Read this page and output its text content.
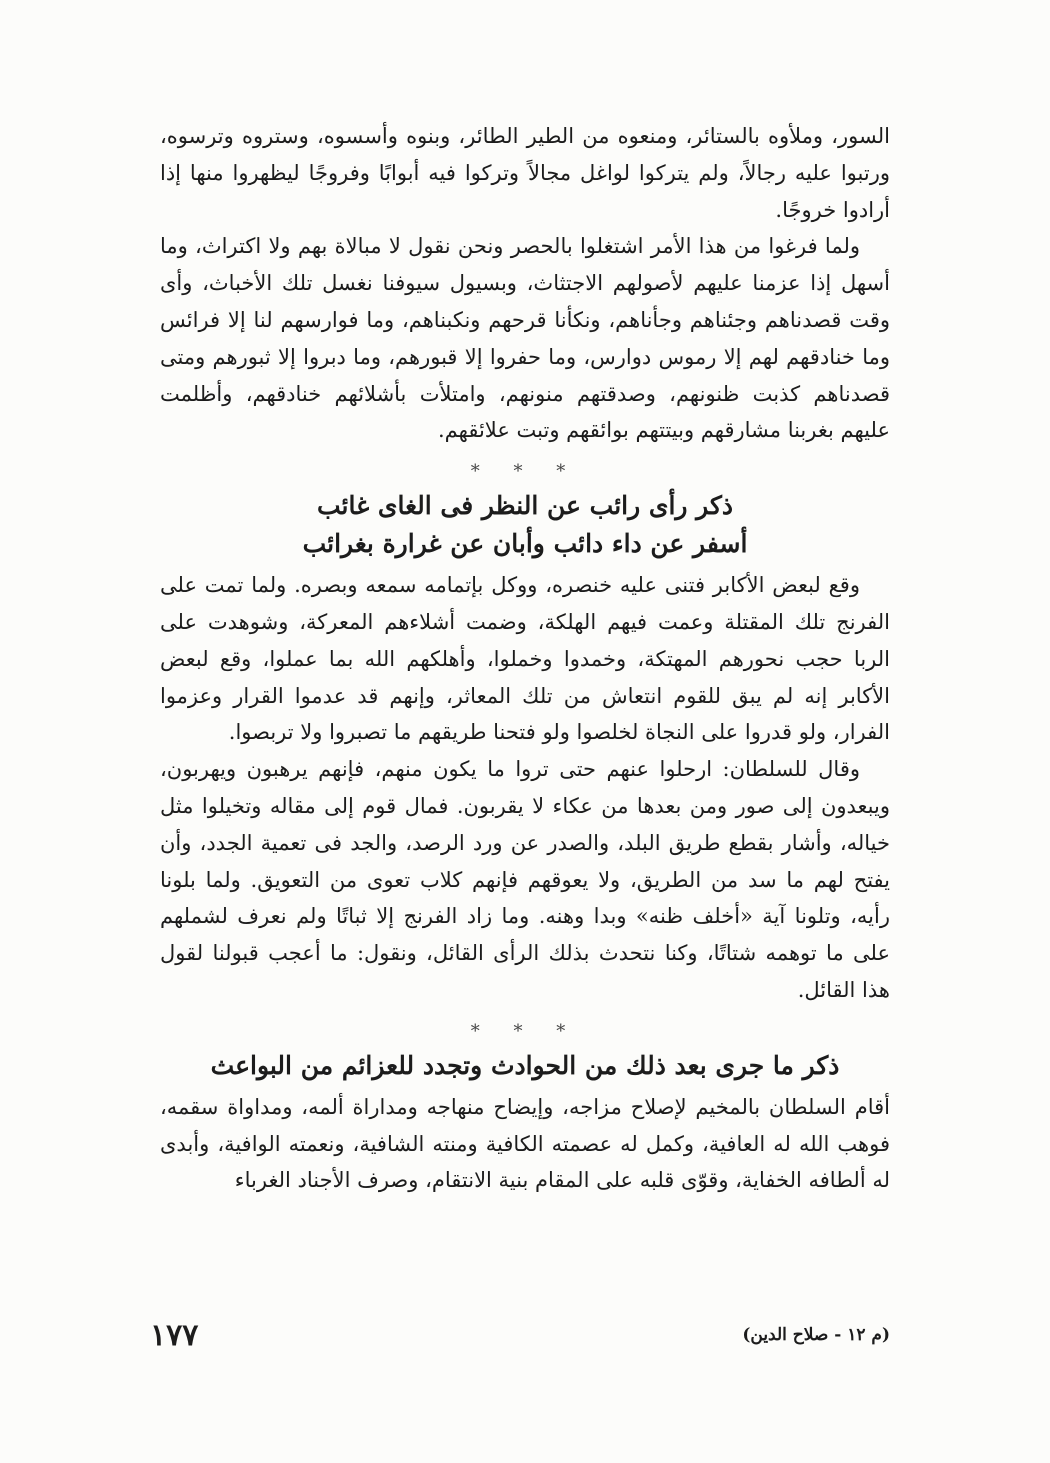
السور، وملأوه بالستائر، ومنعوه من الطير الطائر، وبنوه وأسسوه، وستروه وترسوه، ورتبوا عليه رجالاً، ولم يتركوا لواغل مجالاً وتركوا فيه أبوابًا وفروجًا ليظهروا منها إذا أرادوا خروجًا.

ولما فرغوا من هذا الأمر اشتغلوا بالحصر ونحن نقول لا مبالاة بهم ولا اكتراث، وما أسهل إذا عزمنا عليهم لأصولهم الاجتثاث، وبسيول سيوفنا نغسل تلك الأخباث، وأى وقت قصدناهم وجئناهم وجأناهم، ونكأنا قرحهم ونكبناهم، وما فوارسهم لنا إلا فرائس وما خنادقهم لهم إلا رموس دوارس، وما حفروا إلا قبورهم، وما دبروا إلا ثبورهم ومتى قصدناهم كذبت ظنونهم، وصدقتهم منونهم، وامتلأت بأشلائهم خنادقهم، وأظلمت عليهم بغربنا مشارقهم وبيتتهم بوائقهم وتبت علائقهم.

* * *

ذكر رأى رائب عن النظر فى الغاى غائب

أسفر عن داء دائب وأبان عن غرارة بغرائب

وقع لبعض الأكابر فتنى عليه خنصره، ووكل بإتمامه سمعه وبصره. ولما تمت على الفرنج تلك المقتلة وعمت فيهم الهلكة، وضمت أشلاءهم المعركة، وشوهدت على الربا حجب نحورهم المهتكة، وخمدوا وخملوا، وأهلكهم الله بما عملوا، وقع لبعض الأكابر إنه لم يبق للقوم انتعاش من تلك المعاثر، وإنهم قد عدموا القرار وعزموا الفرار، ولو قدروا على النجاة لخلصوا ولو فتحنا طريقهم ما تصبروا ولا تربصوا.

وقال للسلطان: ارحلوا عنهم حتى تروا ما يكون منهم، فإنهم يرهبون ويهربون، ويبعدون إلى صور ومن بعدها من عكاء لا يقربون. فمال قوم إلى مقاله وتخيلوا مثل خياله، وأشار بقطع طريق البلد، والصدر عن ورد الرصد، والجد فى تعمية الجدد، وأن يفتح لهم ما سد من الطريق، ولا يعوقهم فإنهم كلاب تعوى من التعويق. ولما بلونا رأيه، وتلونا آية «أخلف ظنه» وبدا وهنه. وما زاد الفرنج إلا ثباتًا ولم نعرف لشملهم على ما توهمه شتاتًا، وكنا نتحدث بذلك الرأى القائل، ونقول: ما أعجب قبولنا لقول هذا القائل.

* * *

ذكر ما جرى بعد ذلك من الحوادث وتجدد للعزائم من البواعث

أقام السلطان بالمخيم لإصلاح مزاجه، وإيضاح منهاجه ومداراة ألمه، ومداواة سقمه، فوهب الله له العافية، وكمل له عصمته الكافية ومنته الشافية، ونعمته الوافية، وأبدى له ألطافه الخفاية، وقوّى قلبه على المقام بنية الانتقام، وصرف الأجناد الغرباء

١٧٧	(م ١٢ - صلاح الدين)
